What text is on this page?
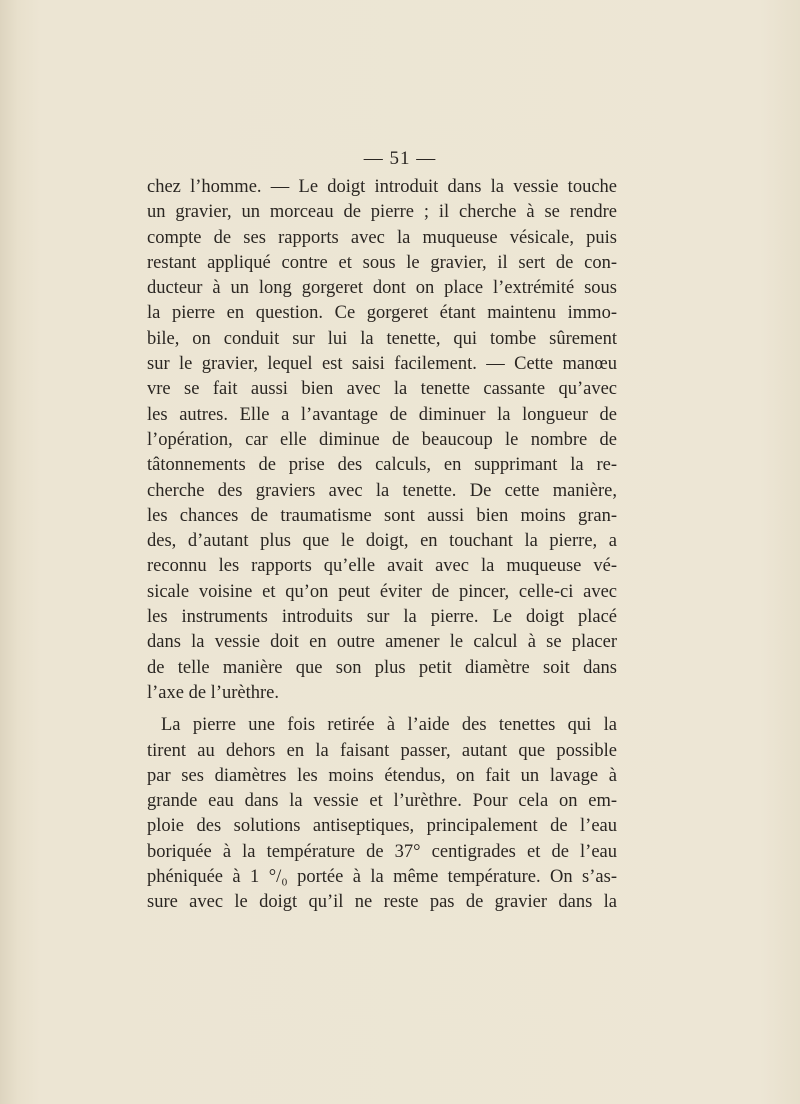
— 51 —
chez l’homme. — Le doigt introduit dans la vessie touche
un gravier, un morceau de pierre ; il cherche à se rendre
compte de ses rapports avec la muqueuse vésicale, puis
restant appliqué contre et sous le gravier, il sert de con-
ducteur à un long gorgeret dont on place l’extrémité sous
la pierre en question. Ce gorgeret étant maintenu immo-
bile, on conduit sur lui la tenette, qui tombe sûrement
sur le gravier, lequel est saisi facilement. — Cette manœu
vre se fait aussi bien avec la tenette cassante qu’avec
les autres. Elle a l’avantage de diminuer la longueur de
l’opération, car elle diminue de beaucoup le nombre de
tâtonnements de prise des calculs, en supprimant la re-
cherche des graviers avec la tenette. De cette manière,
les chances de traumatisme sont aussi bien moins gran-
des, d’autant plus que le doigt, en touchant la pierre, a
reconnu les rapports qu’elle avait avec la muqueuse vé-
sicale voisine et qu’on peut éviter de pincer, celle-ci avec
les instruments introduits sur la pierre. Le doigt placé
dans la vessie doit en outre amener le calcul à se placer
de telle manière que son plus petit diamètre soit dans
l’axe de l’urèthre.
La pierre une fois retirée à l’aide des tenettes qui la
tirent au dehors en la faisant passer, autant que possible
par ses diamètres les moins étendus, on fait un lavage à
grande eau dans la vessie et l’urèthre. Pour cela on em-
ploie des solutions antiseptiques, principalement de l’eau
boriquée à la température de 37° centigrades et de l’eau
phéniquée à 1 °/₀ portée à la même température. On s’as-
sure avec le doigt qu’il ne reste pas de gravier dans la
